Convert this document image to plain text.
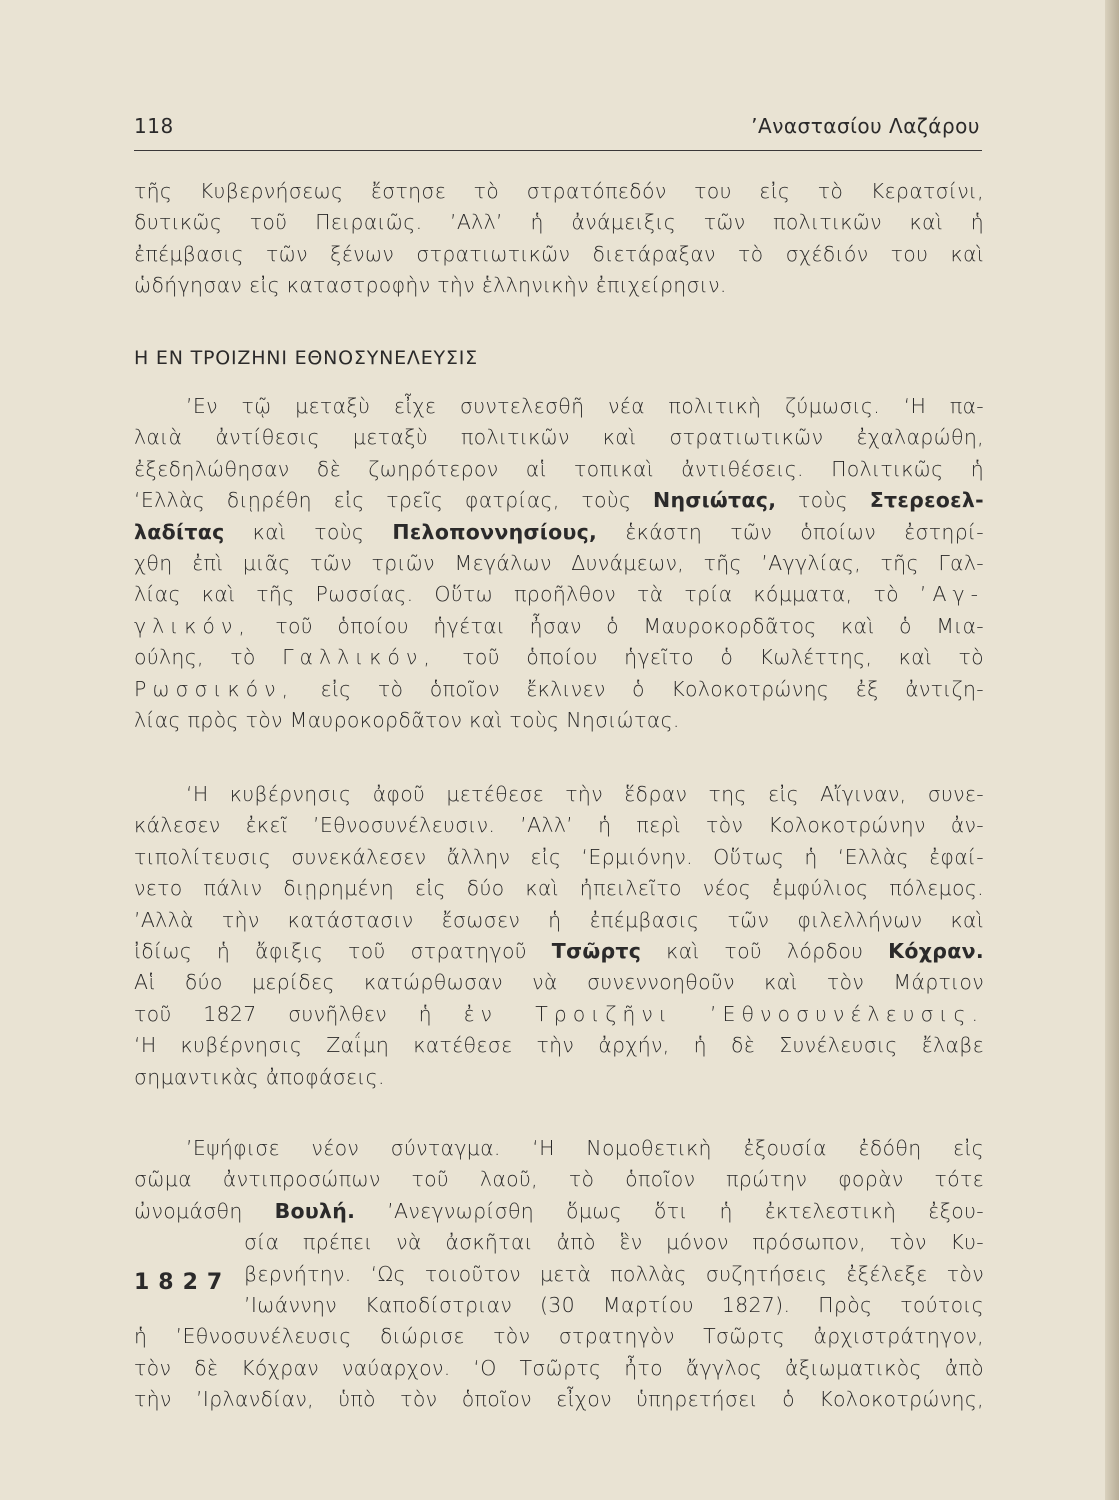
118	’Αναστασίου Λαζάρου
τῆς Κυβερνήσεως ἔστησε τὸ στρατόπεδόν του εἰς τὸ Κερατσίνι,
δυτικῶς τοῦ Πειραιῶς. ’Αλλ’ ἡ ἀνάμειξις τῶν πολιτικῶν καὶ ἡ
ἐπέμβασις τῶν ξένων στρατιωτικῶν διετάραξαν τὸ σχέδιόν του καὶ
ὡδήγησαν εἰς καταστροφὴν τὴν ἑλληνικὴν ἐπιχείρησιν.
Η ΕΝ ΤΡΟΙΖΗΝΙ ΕΘΝΟΣΥΝΕΛΕΥΣΙΣ
’Εν τῷ μεταξὺ εἶχε συντελεσθῆ νέα πολιτικὴ ζύμωσις. ‘Η πα-
λαιὰ ἀντίθεσις μεταξὺ πολιτικῶν καὶ στρατιωτικῶν ἐχαλαρώθη,
ἐξεδηλώθησαν δὲ ζωηρότερον αἱ τοπικαὶ ἀντιθέσεις. Πολιτικῶς ἡ
‘Ελλὰς διῃρέθη εἰς τρεῖς φατρίας, τοὺς Νησιώτας, τοὺς Στερεοελ-
λαδίτας καὶ τοὺς Πελοποννησίους, ἑκάστη τῶν ὁποίων ἐστηρί-
χθη ἐπὶ μιᾶς τῶν τριῶν Μεγάλων Δυνάμεων, τῆς ’Αγγλίας, τῆς Γαλ-
λίας καὶ τῆς Ρωσσίας. Οὕτω προῆλθον τὰ τρία κόμματα, τὸ ’Αγ-
γλικόν, τοῦ ὁποίου ἡγέται ἦσαν ὁ Μαυροκορδᾶτος καὶ ὁ Μια-
ούλης, τὸ Γαλλικόν, τοῦ ὁποίου ἡγεῖτο ὁ Κωλέττης, καὶ τὸ
Ρωσσικόν, εἰς τὸ ὁποῖον ἔκλινεν ὁ Κολοκοτρώνης ἐξ ἀντιζη-
λίας πρὸς τὸν Μαυροκορδᾶτον καὶ τοὺς Νησιώτας.
‘Η κυβέρνησις ἀφοῦ μετέθεσε τὴν ἕδραν της εἰς Αἴγιναν, συνε-
κάλεσεν ἐκεῖ ’Εθνοσυνέλευσιν. ’Αλλ’ ἡ περὶ τὸν Κολοκοτρώνην ἀν-
τιπολίτευσις συνεκάλεσεν ἄλλην εἰς ‘Ερμιόνην. Οὕτως ἡ ‘Ελλὰς ἐφαί-
νετο πάλιν διῃρημένη εἰς δύο καὶ ἠπειλεῖτο νέος ἐμφύλιος πόλεμος.
’Αλλὰ τὴν κατάστασιν ἔσωσεν ἡ ἐπέμβασις τῶν φιλελλήνων καὶ
ἰδίως ἡ ἄφιξις τοῦ στρατηγοῦ Τσῶρτς καὶ τοῦ λόρδου Κόχραν.
Αἱ δύο μερίδες κατώρθωσαν νὰ συνεννοηθοῦν καὶ τὸν Μάρτιον
τοῦ 1827 συνῆλθεν ἡ ἐν Τροιζῆνι ’Εθνοσυνέλευσις.
‘Η κυβέρνησις Ζαΐμη κατέθεσε τὴν ἀρχήν, ἡ δὲ Συνέλευσις ἔλαβε
σημαντικὰς ἀποφάσεις.
’Εψήφισε νέον σύνταγμα. ‘Η Νομοθετικὴ ἐξουσία ἐδόθη εἰς
σῶμα ἀντιπροσώπων τοῦ λαοῦ, τὸ ὁποῖον πρώτην φορὰν τότε
ὠνομάσθη Βουλή. ’Ανεγνωρίσθη ὅμως ὅτι ἡ ἐκτελεστικὴ ἐξου-
σία πρέπει νὰ ἀσκῆται ἀπὸ ἓν μόνον πρόσωπον, τὸν Κυ-
βερνήτην. ‘Ως τοιοῦτον μετὰ πολλὰς συζητήσεις ἐξέλεξε τὸν
’Ιωάννην Καποδίστριαν (30 Μαρτίου 1827). Πρὸς τούτοις
ἡ ’Εθνοσυνέλευσις διώρισε τὸν στρατηγὸν Τσῶρτς ἀρχιστράτηγον,
τὸν δὲ Κόχραν ναύαρχον. ‘Ο Τσῶρτς ἦτο ἄγγλος ἀξιωματικὸς ἀπὸ
τὴν ’Ιρλανδίαν, ὑπὸ τὸν ὁποῖον εἶχον ὑπηρετήσει ὁ Κολοκοτρώνης,
1827
